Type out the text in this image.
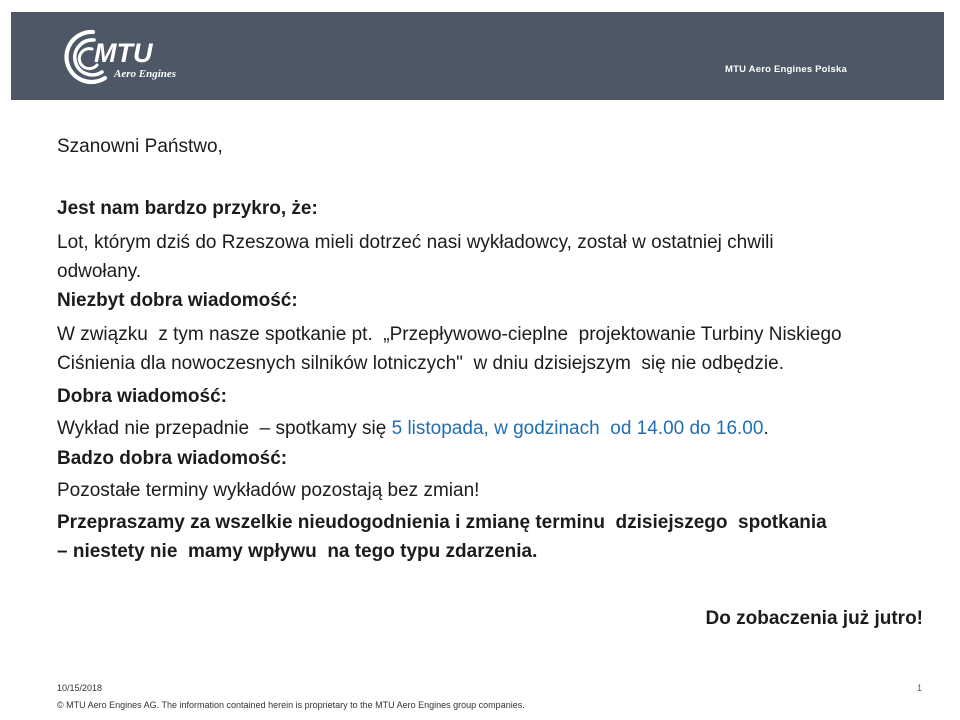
MTU
Aero Engines

	MTU Aero Engines Polska

An MTU Aero Engines Company

Szanowni Państwo,
Jest nam bardzo przykro, że:
Lot, którym dziś do Rzeszowa mieli dotrzeć nasi wykładowcy, został w ostatniej chwili
odwołany.
Niezbyt dobra wiadomość:
W związku  z tym nasze spotkanie pt.  „Przepływowo-cieplne  projektowanie Turbiny Niskiego
Ciśnienia dla nowoczesnych silników lotniczych"  w dniu dzisiejszym  się nie odbędzie.
Dobra wiadomość:
Wykład nie przepadnie  – spotkamy się 5 listopada, w godzinach  od 14.00 do 16.00.
Badzo dobra wiadomość:
Pozostałe terminy wykładów pozostają bez zmian!
Przepraszamy za wszelkie nieudogodnienia i zmianę terminu  dzisiejszego  spotkania
– niestety nie  mamy wpływu  na tego typu zdarzenia.
Do zobaczenia już jutro!
10/15/2018	1
© MTU Aero Engines AG. The information contained herein is proprietary to the MTU Aero Engines group companies.
